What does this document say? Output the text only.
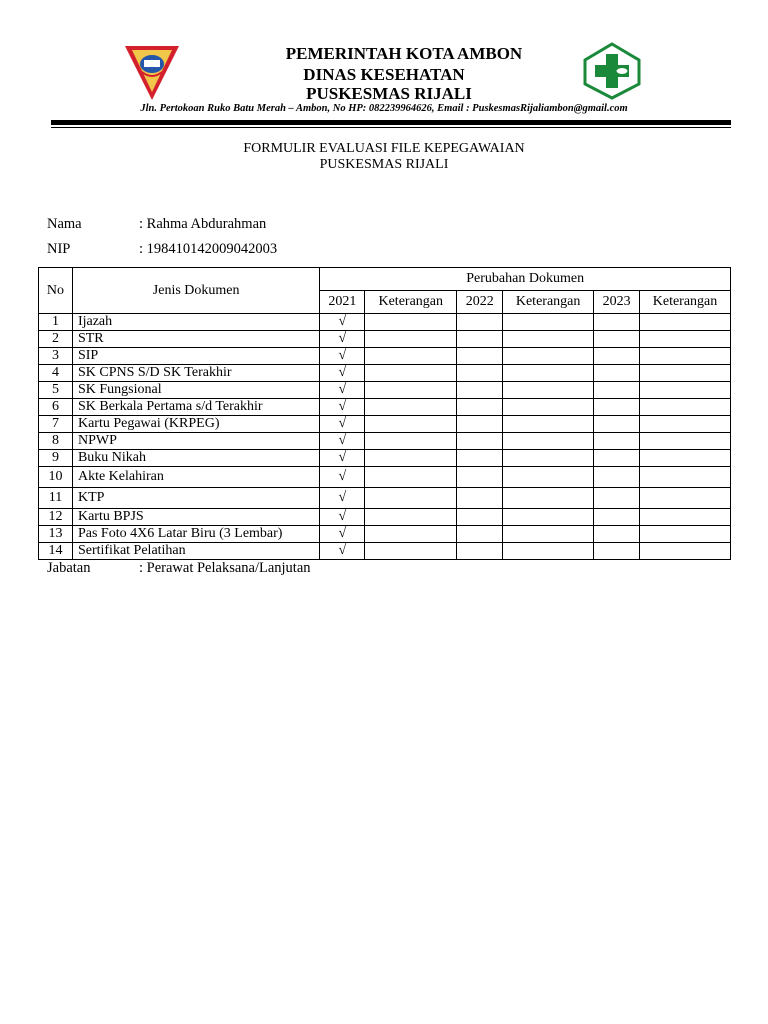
PEMERINTAH KOTA AMBON
DINAS KESEHATAN
PUSKESMAS RIJALI
Jln. Pertokoan Ruko Batu Merah – Ambon, No HP: 082239964626, Email : PuskesmasRijaliambon@gmail.com
FORMULIR EVALUASI FILE KEPEGAWAIAN
PUSKESMAS RIJALI
Nama	: Rahma Abdurahman
NIP	: 198410142009042003
No	Jenis Dokumen	Perubahan Dokumen					
		2021	Keterangan	2022	Keterangan	2023	Keterangan
1	Ijazah	√					
2	STR	√					
3	SIP	√					
4	SK CPNS S/D SK Terakhir	√					
5	SK Fungsional	√					
6	SK Berkala Pertama s/d Terakhir	√					
7	Kartu Pegawai (KRPEG)	√					
8	NPWP	√					
9	Buku Nikah	√					
10	Akte Kelahiran	√					
11	KTP	√					
12	Kartu BPJS	√					
13	Pas Foto 4X6 Latar Biru (3 Lembar)	√					
14	Sertifikat Pelatihan	√					
Jabatan	: Perawat Pelaksana/Lanjutan
